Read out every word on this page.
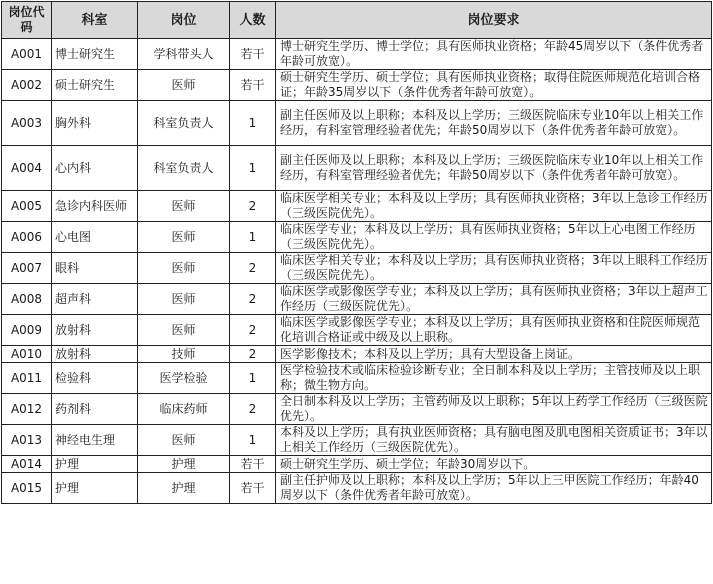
岗位代码	科室	岗位	人数	岗位要求
A001	博士研究生	学科带头人	若干	博士研究生学历、博士学位；具有医师执业资格；年龄45周岁以下（条件优秀者年龄可放宽）。
A002	硕士研究生	医师	若干	硕士研究生学历、硕士学位；具有医师执业资格；取得住院医师规范化培训合格证；年龄35周岁以下（条件优秀者年龄可放宽）。
A003	胸外科	科室负责人	1	副主任医师及以上职称；本科及以上学历；三级医院临床专业10年以上相关工作经历，有科室管理经验者优先；年龄50周岁以下（条件优秀者年龄可放宽）。
A004	心内科	科室负责人	1	副主任医师及以上职称；本科及以上学历；三级医院临床专业10年以上相关工作经历，有科室管理经验者优先；年龄50周岁以下（条件优秀者年龄可放宽）。
A005	急诊内科医师	医师	2	临床医学相关专业；本科及以上学历；具有医师执业资格；3年以上急诊工作经历（三级医院优先）。
A006	心电图	医师	1	临床医学专业；本科及以上学历；具有医师执业资格；5年以上心电图工作经历（三级医院优先）。
A007	眼科	医师	2	临床医学相关专业；本科及以上学历；具有医师执业资格；3年以上眼科工作经历（三级医院优先）。
A008	超声科	医师	2	临床医学或影像医学专业；本科及以上学历；具有医师执业资格；3年以上超声工作经历（三级医院优先）。
A009	放射科	医师	2	临床医学或影像医学专业；本科及以上学历；具有医师执业资格和住院医师规范化培训合格证或中级及以上职称。
A010	放射科	技师	2	医学影像技术；本科及以上学历；具有大型设备上岗证。
A011	检验科	医学检验	1	医学检验技术或临床检验诊断专业；全日制本科及以上学历；主管技师及以上职称；微生物方向。
A012	药剂科	临床药师	2	全日制本科及以上学历；主管药师及以上职称；5年以上药学工作经历（三级医院优先）。
A013	神经电生理	医师	1	本科及以上学历；具有执业医师资格；具有脑电图及肌电图相关资质证书；3年以上相关工作经历（三级医院优先）。
A014	护理	护理	若干	硕士研究生学历、硕士学位；年龄30周岁以下。
A015	护理	护理	若干	副主任护师及以上职称；本科及以上学历；5年以上三甲医院工作经历；年龄40周岁以下（条件优秀者年龄可放宽）。
